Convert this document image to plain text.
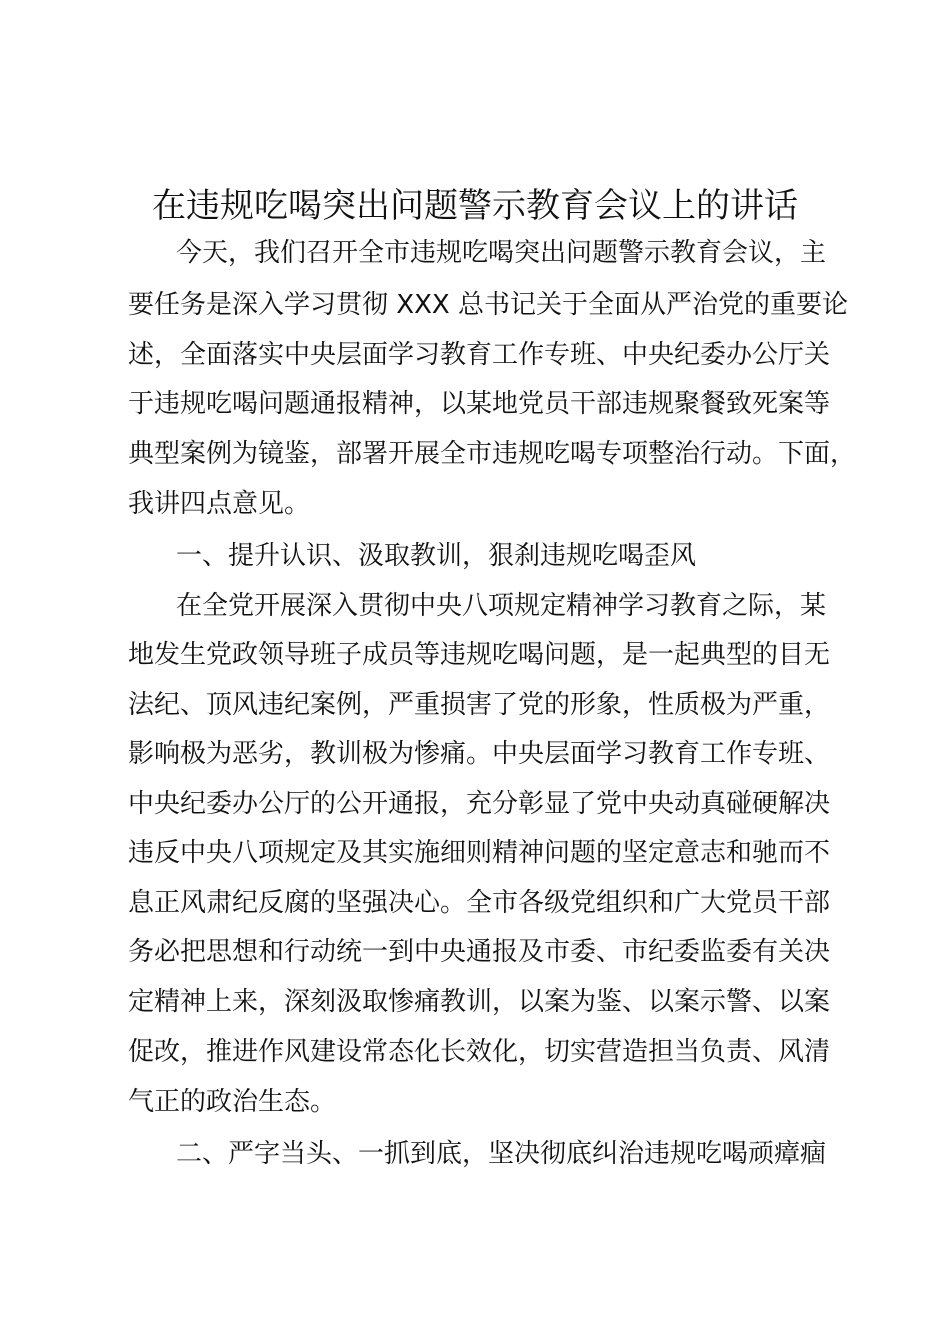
在违规吃喝突出问题警示教育会议上的讲话
今天，我们召开全市违规吃喝突出问题警示教育会议，主
要任务是深入学习贯彻 XXX 总书记关于全面从严治党的重要论
述，全面落实中央层面学习教育工作专班、中央纪委办公厅关
于违规吃喝问题通报精神，以某地党员干部违规聚餐致死案等
典型案例为镜鉴，部署开展全市违规吃喝专项整治行动。下面，
我讲四点意见。
一、提升认识、汲取教训，狠刹违规吃喝歪风
在全党开展深入贯彻中央八项规定精神学习教育之际，某
地发生党政领导班子成员等违规吃喝问题，是一起典型的目无
法纪、顶风违纪案例，严重损害了党的形象，性质极为严重，
影响极为恶劣，教训极为惨痛。中央层面学习教育工作专班、
中央纪委办公厅的公开通报，充分彰显了党中央动真碰硬解决
违反中央八项规定及其实施细则精神问题的坚定意志和驰而不
息正风肃纪反腐的坚强决心。全市各级党组织和广大党员干部
务必把思想和行动统一到中央通报及市委、市纪委监委有关决
定精神上来，深刻汲取惨痛教训，以案为鉴、以案示警、以案
促改，推进作风建设常态化长效化，切实营造担当负责、风清
气正的政治生态。
二、严字当头、一抓到底，坚决彻底纠治违规吃喝顽瘴痼
